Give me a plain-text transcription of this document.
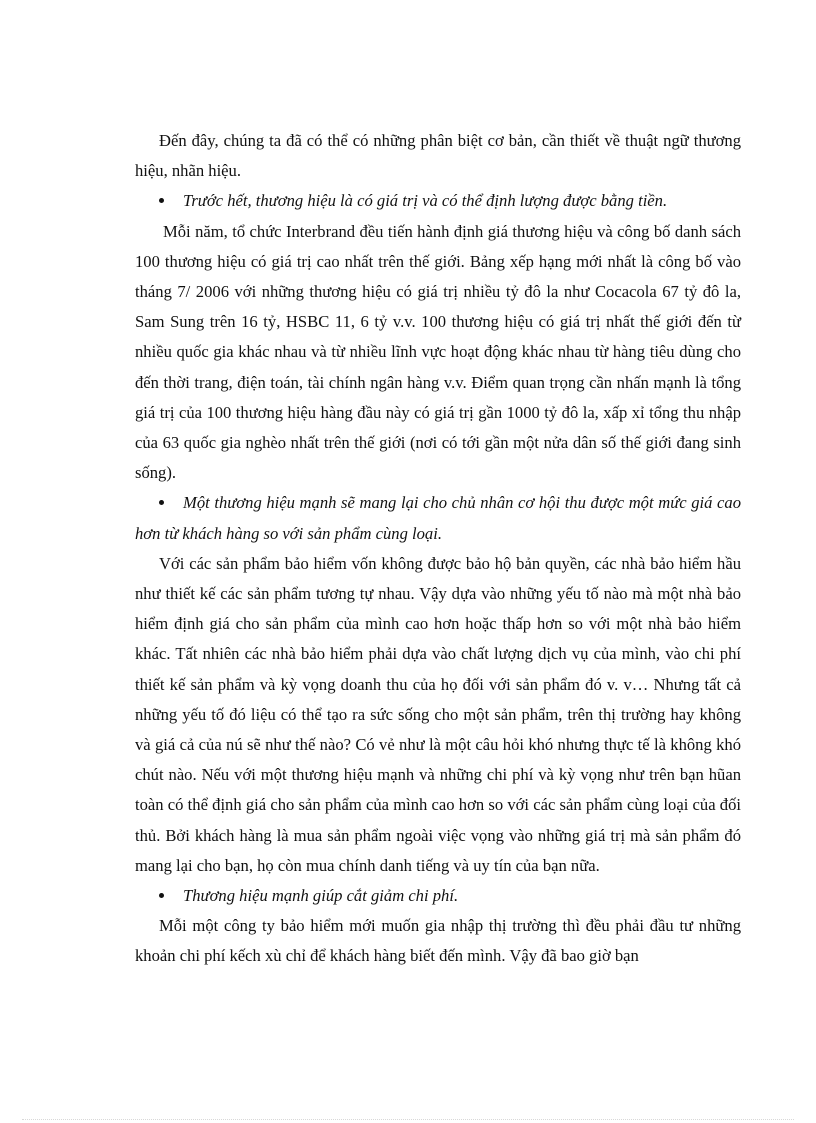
Đến đây, chúng ta đã có thể có những phân biệt cơ bản, cần thiết về thuật ngữ thương hiệu, nhãn hiệu.

Trước hết, thương hiệu là có giá trị và có thể định lượng được bằng tiền.

Mỗi năm, tổ chức Interbrand đều tiến hành định giá thương hiệu và công bố danh sách 100 thương hiệu có giá trị cao nhất trên thế giới. Bảng xếp hạng mới nhất là công bố vào tháng 7/ 2006 với những thương hiệu có giá trị nhiều tỷ đô la như Cocacola 67 tỷ đô la, Sam Sung trên 16 tỷ, HSBC 11, 6 tỷ v.v. 100 thương hiệu có giá trị nhất thế giới đến từ nhiều quốc gia khác nhau và từ nhiều lĩnh vực hoạt động khác nhau từ hàng tiêu dùng cho đến thời trang, điện toán, tài chính ngân hàng v.v. Điểm quan trọng cần nhấn mạnh là tổng giá trị của 100 thương hiệu hàng đầu này có giá trị gần 1000 tỷ đô la, xấp xỉ tổng thu nhập của 63 quốc gia nghèo nhất trên thế giới (nơi có tới gần một nửa dân số thế giới đang sinh sống).

Một thương hiệu mạnh sẽ mang lại cho chủ nhân cơ hội thu được một mức giá cao hơn từ khách hàng so với sản phẩm cùng loại.

Với các sản phẩm bảo hiểm vốn không được bảo hộ bản quyền, các nhà bảo hiểm hầu như thiết kế các sản phẩm tương tự nhau. Vậy dựa vào những yếu tố nào mà một nhà bảo hiểm định giá cho sản phẩm của mình cao hơn hoặc thấp hơn so với một nhà bảo hiểm khác. Tất nhiên các nhà bảo hiểm phải dựa vào chất lượng dịch vụ của mình, vào chi phí thiết kế sản phẩm và kỳ vọng doanh thu của họ đối với sản phẩm đó v. v… Nhưng tất cả những yếu tố đó liệu có thể tạo ra sức sống cho một sản phẩm, trên thị trường hay không và giá cả của nú sẽ như thế nào? Có vẻ như là một câu hỏi khó nhưng thực tế là không khó chút nào. Nếu với một thương hiệu mạnh và những chi phí và kỳ vọng như trên bạn hũan toàn có thể định giá cho sản phẩm của mình cao hơn so với các sản phẩm cùng loại của đối thủ. Bởi khách hàng là mua sản phẩm ngoài việc vọng vào những giá trị mà sản phẩm đó mang lại cho bạn, họ còn mua chính danh tiếng và uy tín của bạn nữa.

Thương hiệu mạnh giúp cắt giảm chi phí.

Mỗi một công ty bảo hiểm mới muốn gia nhập thị trường thì đều phải đầu tư những khoản chi phí kếch xù chỉ để khách hàng biết đến mình. Vậy đã bao giờ bạn
